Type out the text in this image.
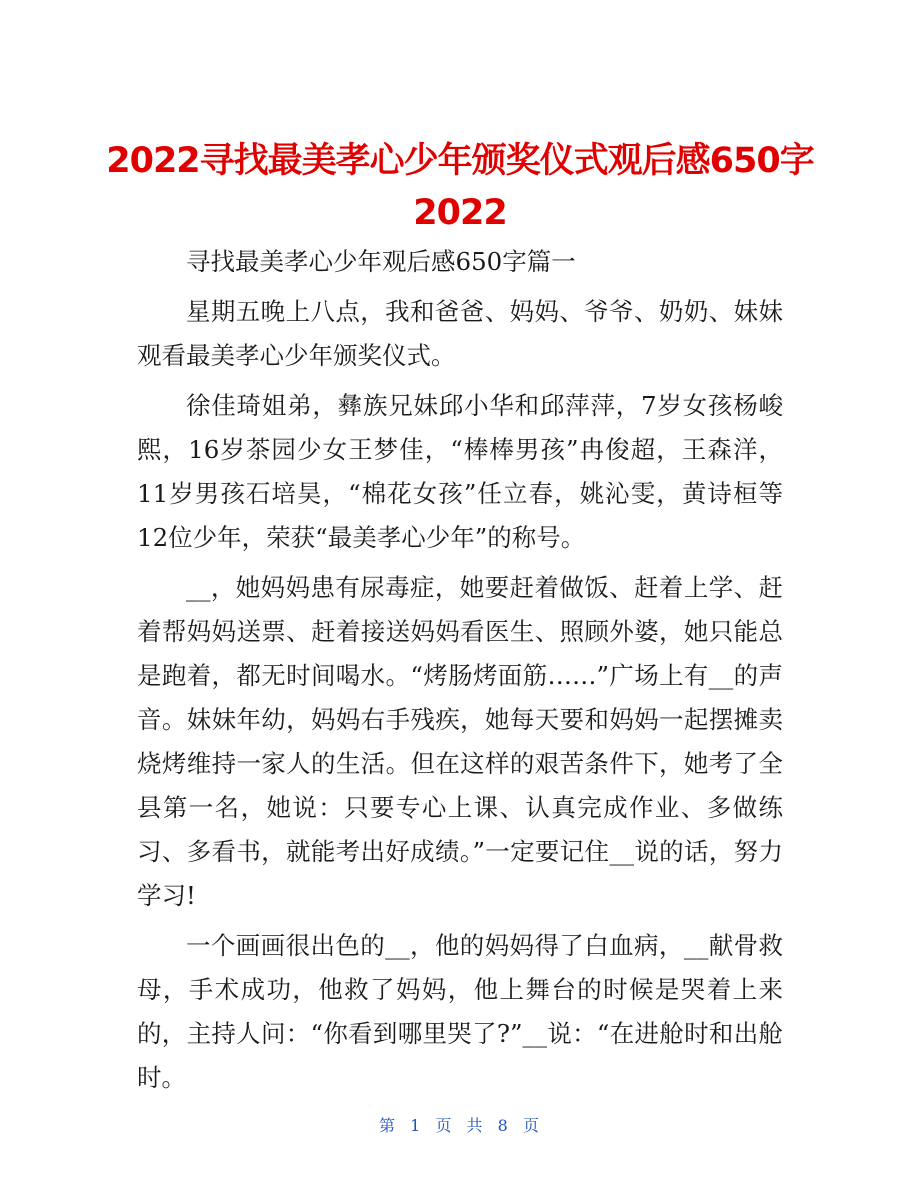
2022寻找最美孝心少年颁奖仪式观后感650字
2022

寻找最美孝心少年观后感650字篇一

星期五晚上八点，我和爸爸、妈妈、爷爷、奶奶、妹妹观看最美孝心少年颁奖仪式。

徐佳琦姐弟，彝族兄妹邱小华和邱萍萍，7岁女孩杨峻熙，16岁茶园少女王梦佳，“棒棒男孩”冉俊超，王森洋，11岁男孩石培昊，“棉花女孩”任立春，姚沁雯，黄诗桓等12位少年，荣获“最美孝心少年”的称号。

__，她妈妈患有尿毒症，她要赶着做饭、赶着上学、赶着帮妈妈送票、赶着接送妈妈看医生、照顾外婆，她只能总是跑着，都无时间喝水。“烤肠烤面筋……”广场上有__的声音。妹妹年幼，妈妈右手残疾，她每天要和妈妈一起摆摊卖烧烤维持一家人的生活。但在这样的艰苦条件下，她考了全县第一名，她说：只要专心上课、认真完成作业、多做练习、多看书，就能考出好成绩。”一定要记住__说的话，努力学习!

一个画画很出色的__，他的妈妈得了白血病，__献骨救母，手术成功，他救了妈妈，他上舞台的时候是哭着上来的，主持人问：“你看到哪里哭了?”__说：“在进舱时和出舱时。

第 1 页 共 8 页
